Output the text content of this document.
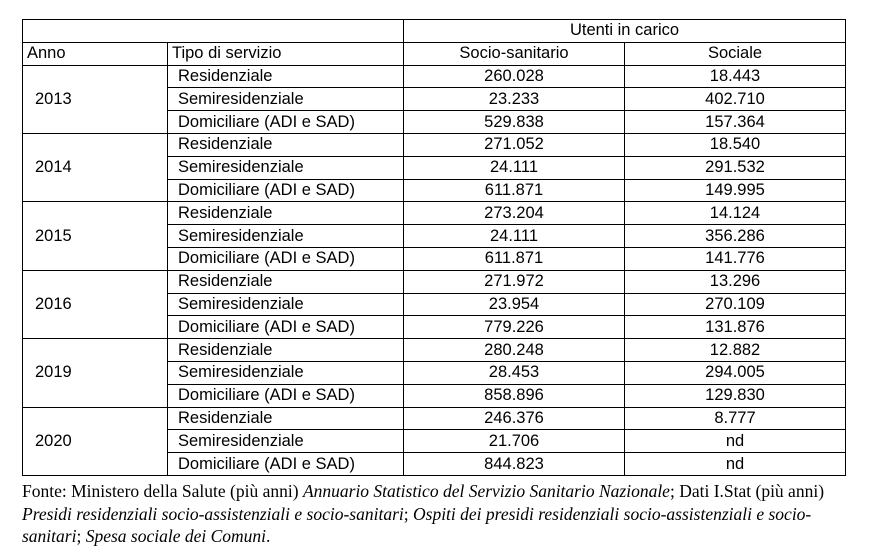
		Utenti in carico	
Anno	Tipo di servizio	Socio-sanitario	Sociale
2013	Residenziale	260.028	18.443
	Semiresidenziale	23.233	402.710
	Domiciliare (ADI e SAD)	529.838	157.364
2014	Residenziale	271.052	18.540
	Semiresidenziale	24.111	291.532
	Domiciliare (ADI e SAD)	611.871	149.995
2015	Residenziale	273.204	14.124
	Semiresidenziale	24.111	356.286
	Domiciliare (ADI e SAD)	611.871	141.776
2016	Residenziale	271.972	13.296
	Semiresidenziale	23.954	270.109
	Domiciliare (ADI e SAD)	779.226	131.876
2019	Residenziale	280.248	12.882
	Semiresidenziale	28.453	294.005
	Domiciliare (ADI e SAD)	858.896	129.830
2020	Residenziale	246.376	8.777
	Semiresidenziale	21.706	nd
	Domiciliare (ADI e SAD)	844.823	nd
Fonte: Ministero della Salute (più anni) Annuario Statistico del Servizio Sanitario Nazionale; Dati I.Stat (più anni) Presidi residenziali socio-assistenziali e socio-sanitari; Ospiti dei presidi residenziali socio-assistenziali e socio-sanitari; Spesa sociale dei Comuni.
